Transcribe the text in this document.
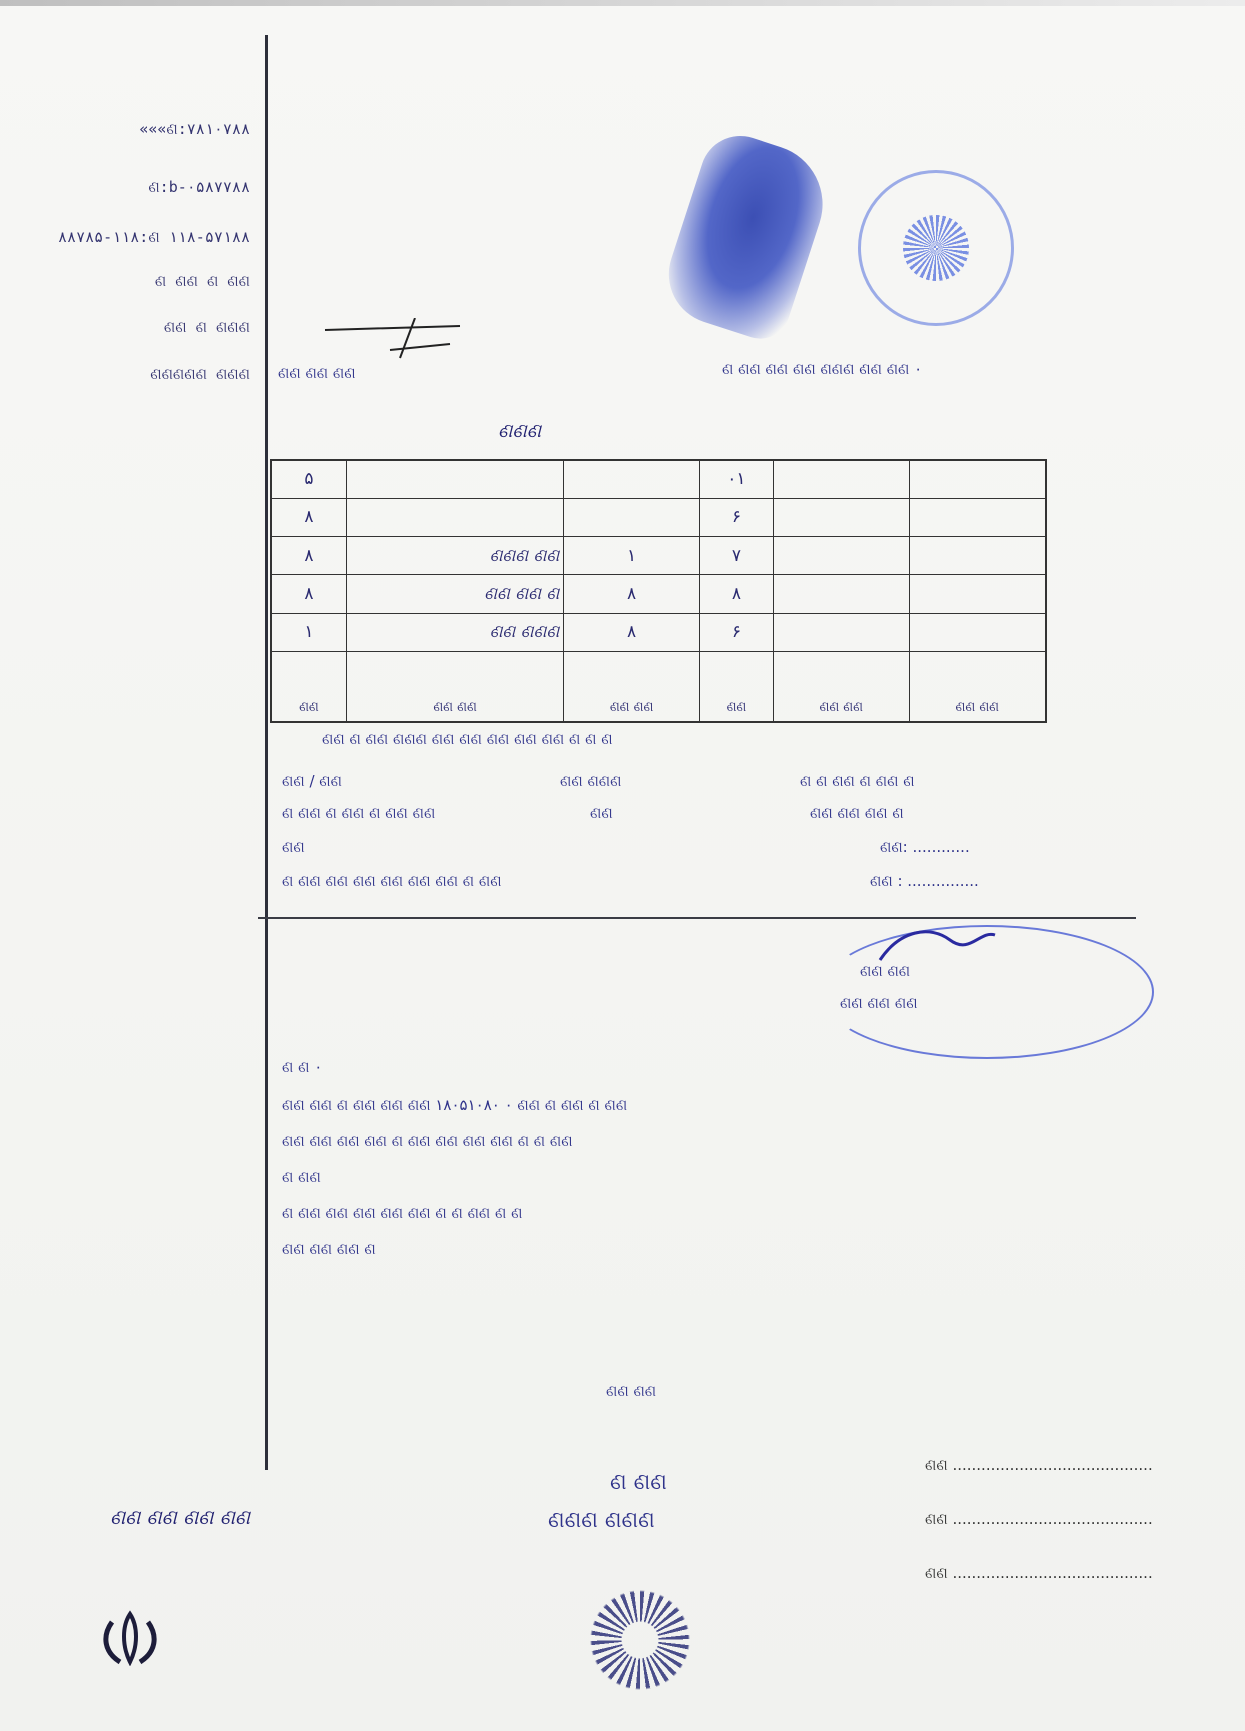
«««ଣ:۷۸۱۰۷۸۸
ଣ:b-۰۵۸۷۷۸۸
۸۸۷۸۵-۱۱۸:ଣ ۱۱۸-۵۷۱۸۸
ଣ ଣଣ ଣ ଣଣ
ଣଣ ଣ ଣଣଣ
ଣଣଣଣଣ ଣଣଣ
ଣଣ ଣଣ ଣଣ ଣଣ
ଣଣ ଣଣ ଣଣ	ଣ ଣଣ ଣଣ ଣଣ ଣଣଣ ଣଣ ଣଣ ۰
ଣଣଣ
۵			۰۱		
۸			۶		
۸	ଣଣଣ ଣଣ	۱	۷		
۸	ଣଣ ଣଣ ଣ	۸	۸		
۱	ଣଣ ଣଣଣ	۸	۶		
ଣଣ	ଣଣ ଣଣ	ଣଣ ଣଣ	ଣଣ	ଣଣ ଣଣ	ଣଣ ଣଣ
ଣଣ ଣ ଣଣ ଣଣଣ ଣଣ ଣଣ ଣଣ ଣଣ ଣଣ ଣ ଣ ଣ
ଣଣ / ଣଣ	ଣଣ ଣଣଣ	ଣ ଣ ଣଣ ଣ ଣଣ ଣ
ଣ ଣଣ ଣ ଣଣ ଣ ଣଣ ଣଣ	ଣଣ	ଣଣ ଣଣ ଣଣ ଣ
ଣଣ	ଣଣ: ............
ଣ ଣଣ ଣଣ ଣଣ ଣଣ ଣଣ ଣଣ ଣ ଣଣ	ଣଣ : ...............
ଣଣ ଣଣ
ଣଣ ଣଣ ଣଣ
ଣ ଣ ۰
ଣଣ ଣଣ ଣ ଣଣ ଣଣ ଣଣ ۱۸۰۵۱۰۸۰ ۰ ଣଣ ଣ ଣଣ ଣ ଣଣ
ଣଣ ଣଣ ଣଣ ଣଣ ଣ ଣଣ ଣଣ ଣଣ ଣଣ ଣ ଣ ଣଣ
ଣ ଣଣ
ଣ ଣଣ ଣଣ ଣଣ ଣଣ ଣଣ ଣ ଣ ଣଣ ଣ ଣ
ଣଣ ଣଣ ଣଣ ଣ
ଣଣ ଣଣ
ଣ ଣଣ
ଣଣଣ ଣଣଣ
ଣଣ ..........................................
ଣଣ ..........................................
ଣଣ ..........................................
